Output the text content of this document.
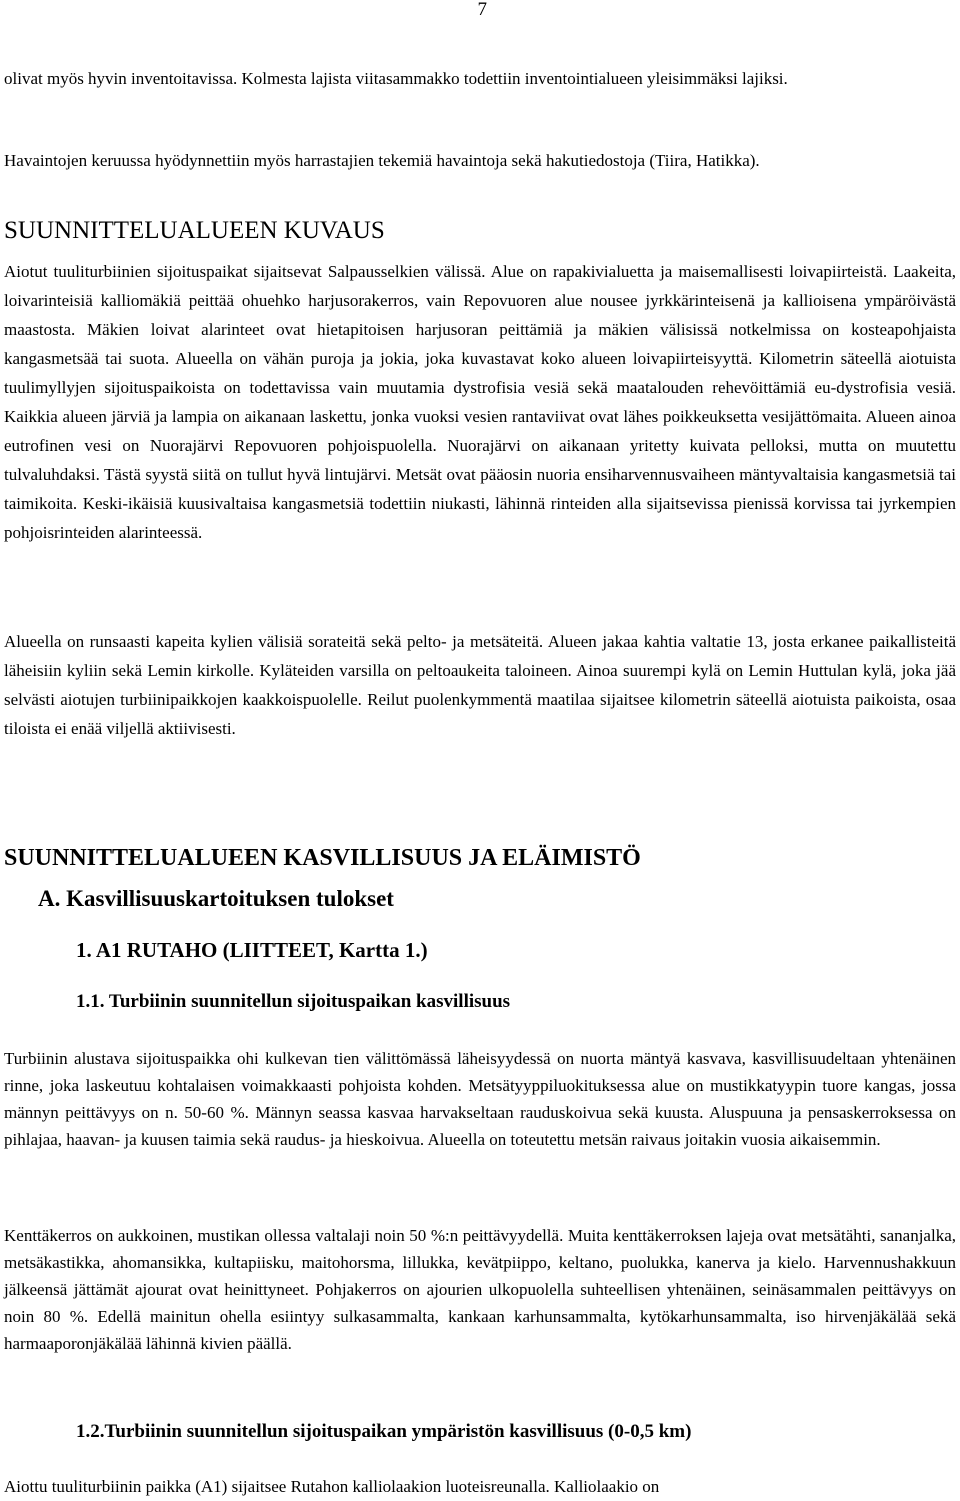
7

olivat myös hyvin inventoitavissa. Kolmesta lajista viitasammakko todettiin inventointialueen yleisimmäksi lajiksi.

Havaintojen keruussa hyödynnettiin myös harrastajien tekemiä havaintoja sekä hakutiedostoja (Tiira, Hatikka).

SUUNNITTELUALUEEN KUVAUS

Aiotut tuuliturbiinien sijoituspaikat sijaitsevat Salpausselkien välissä. Alue on rapakivialuetta ja maisemallisesti loivapiirteistä. Laakeita, loivarinteisiä kalliomäkiä peittää ohuehko harjusorakerros, vain Repovuoren alue nousee jyrkkärinteisenä ja kallioisena ympäröivästä maastosta. Mäkien loivat alarinteet ovat hietapitoisen harjusoran peittämiä ja mäkien välisissä notkelmissa on kosteapohjaista kangasmetsää tai suota. Alueella on vähän puroja ja jokia, joka kuvastavat koko alueen loivapiirteisyyttä. Kilometrin säteellä aiotuista tuulimyllyjen sijoituspaikoista on todettavissa vain muutamia dystrofisia vesiä sekä maatalouden rehevöittämiä eu-dystrofisia vesiä. Kaikkia alueen järviä ja lampia on aikanaan laskettu, jonka vuoksi vesien rantaviivat ovat lähes poikkeuksetta vesijättömaita. Alueen ainoa eutrofinen vesi on Nuorajärvi Repovuoren pohjoispuolella. Nuorajärvi on aikanaan yritetty kuivata pelloksi, mutta on muutettu tulvaluhdaksi. Tästä syystä siitä on tullut hyvä lintujärvi. Metsät ovat pääosin nuoria ensiharvennusvaiheen mäntyvaltaisia kangasmetsiä tai taimikoita. Keski-ikäisiä kuusivaltaisa kangasmetsiä todettiin niukasti, lähinnä rinteiden alla sijaitsevissa pienissä korvissa tai jyrkempien pohjoisrinteiden alarinteessä.

Alueella on runsaasti kapeita kylien välisiä sorateitä sekä pelto- ja metsäteitä. Alueen jakaa kahtia valtatie 13, josta erkanee paikallisteitä läheisiin kyliin sekä Lemin kirkolle. Kyläteiden varsilla on peltoaukeita taloineen. Ainoa suurempi kylä on Lemin Huttulan kylä, joka jää selvästi aiotujen turbiinipaikkojen kaakkoispuolelle. Reilut puolenkymmentä maatilaa sijaitsee kilometrin säteellä aiotuista paikoista, osaa tiloista ei enää viljellä aktiivisesti.

SUUNNITTELUALUEEN KASVILLISUUS JA ELÄIMISTÖ
A. Kasvillisuuskartoituksen tulokset
1. A1 RUTAHO (LIITTEET, Kartta 1.)
1.1. Turbiinin suunnitellun sijoituspaikan kasvillisuus

Turbiinin alustava sijoituspaikka ohi kulkevan tien välittömässä läheisyydessä on nuorta mäntyä kasvava, kasvillisuudeltaan yhtenäinen rinne, joka laskeutuu kohtalaisen voimakkaasti pohjoista kohden. Metsätyyppiluokituksessa alue on mustikkatyypin tuore kangas, jossa männyn peittävyys on n. 50-60 %. Männyn seassa kasvaa harvakseltaan rauduskoivua sekä kuusta. Aluspuuna ja pensaskerroksessa on pihlajaa, haavan- ja kuusen taimia sekä raudus- ja hieskoivua. Alueella on toteutettu metsän raivaus joitakin vuosia aikaisemmin.

Kenttäkerros on aukkoinen, mustikan ollessa valtalaji noin 50 %:n peittävyydellä. Muita kenttäkerroksen lajeja ovat metsätähti, sananjalka, metsäkastikka, ahomansikka, kultapiisku, maitohorsma, lillukka, kevätpiippo, keltano, puolukka, kanerva ja kielo. Harvennushakkuun jälkeensä jättämät ajourat ovat heinittyneet. Pohjakerros on ajourien ulkopuolella suhteellisen yhtenäinen, seinäsammalen peittävyys on noin 80 %. Edellä mainitun ohella esiintyy sulkasammalta, kankaan karhunsammalta, kytökarhunsammalta, iso hirvenjäkälää sekä harmaaporonjäkälää lähinnä kivien päällä.

1.2.Turbiinin suunnitellun sijoituspaikan ympäristön kasvillisuus (0-0,5 km)

Aiottu tuuliturbiinin paikka (A1) sijaitsee Rutahon kalliolaakion luoteisreunalla. Kalliolaakio on
